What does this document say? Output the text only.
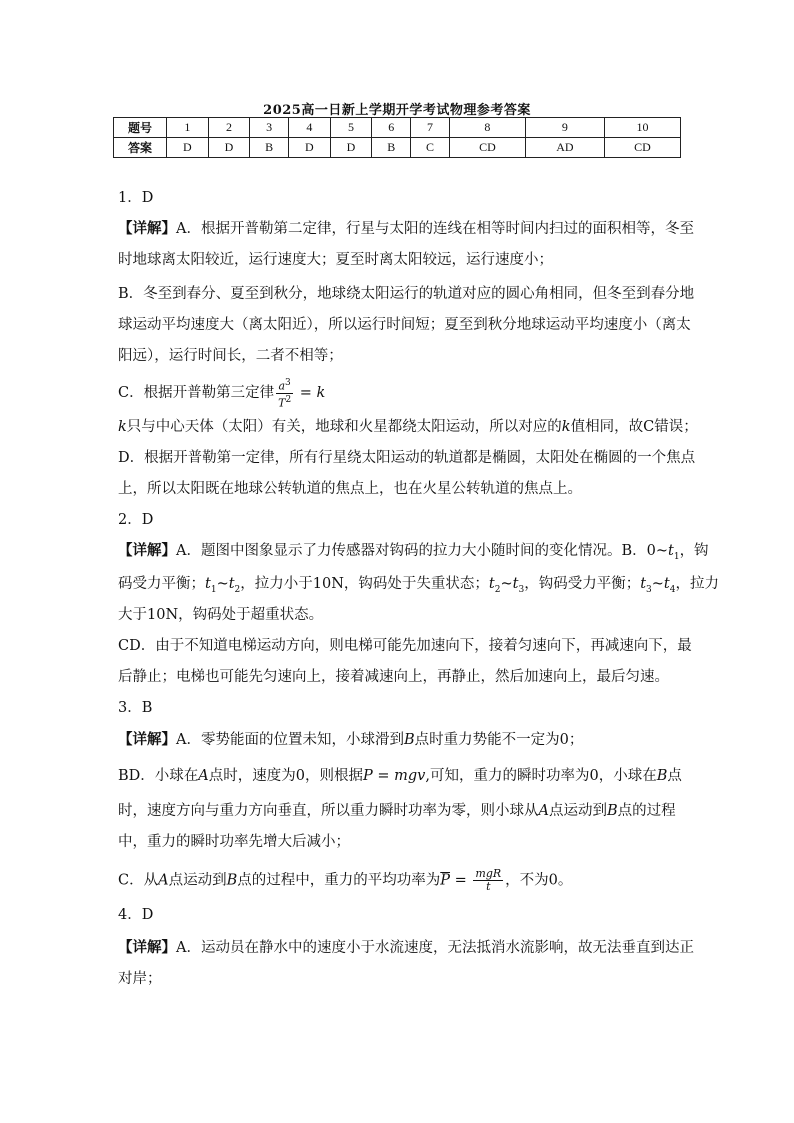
2025高一日新上学期开学考试物理参考答案
题号	1	2	3	4	5	6	7	8	9	10
答案	D	D	B	D	D	B	C	CD	AD	CD
1．D
【详解】A．根据开普勒第二定律，行星与太阳的连线在相等时间内扫过的面积相等，冬至
时地球离太阳较近，运行速度大；夏至时离太阳较远，运行速度小；
B．冬至到春分、夏至到秋分，地球绕太阳运行的轨道对应的圆心角相同，但冬至到春分地
球运动平均速度大（离太阳近），所以运行时间短；夏至到秋分地球运动平均速度小（离太
阳远），运行时间长，二者不相等；
C．根据开普勒第三定律 $\frac{a^3}{T^2} = k$
k只与中心天体（太阳）有关，地球和火星都绕太阳运动，所以对应的k值相同，故C错误；
D．根据开普勒第一定律，所有行星绕太阳运动的轨道都是椭圆，太阳处在椭圆的一个焦点
上，所以太阳既在地球公转轨道的焦点上，也在火星公转轨道的焦点上。
2．D
【详解】A．题图中图象显示了力传感器对钩码的拉力大小随时间的变化情况。B．$0\sim t_1$，钩
码受力平衡；$t_1\sim t_2$，拉力小于10N，钩码处于失重状态；$t_2\sim t_3$，钩码受力平衡；$t_3\sim t_4$，拉力
大于10N，钩码处于超重状态。
CD．由于不知道电梯运动方向，则电梯可能先加速向下，接着匀速向下，再减速向下，最
后静止；电梯也可能先匀速向上，接着减速向上，再静止，然后加速向上，最后匀速。
3．B
【详解】A．零势能面的位置未知，小球滑到B点时重力势能不一定为0；
BD．小球在A点时，速度为0，则根据P = mgv,可知，重力的瞬时功率为0，小球在B点
时，速度方向与重力方向垂直，所以重力瞬时功率为零，则小球从A点运动到B点的过程
中，重力的瞬时功率先增大后减小；
C．从A点运动到B点的过程中，重力的平均功率为$\overline{P} = \frac{\text{mgR}}{t}$ ，不为0。
4．D
【详解】A．运动员在静水中的速度小于水流速度，无法抵消水流影响，故无法垂直到达正
对岸；
